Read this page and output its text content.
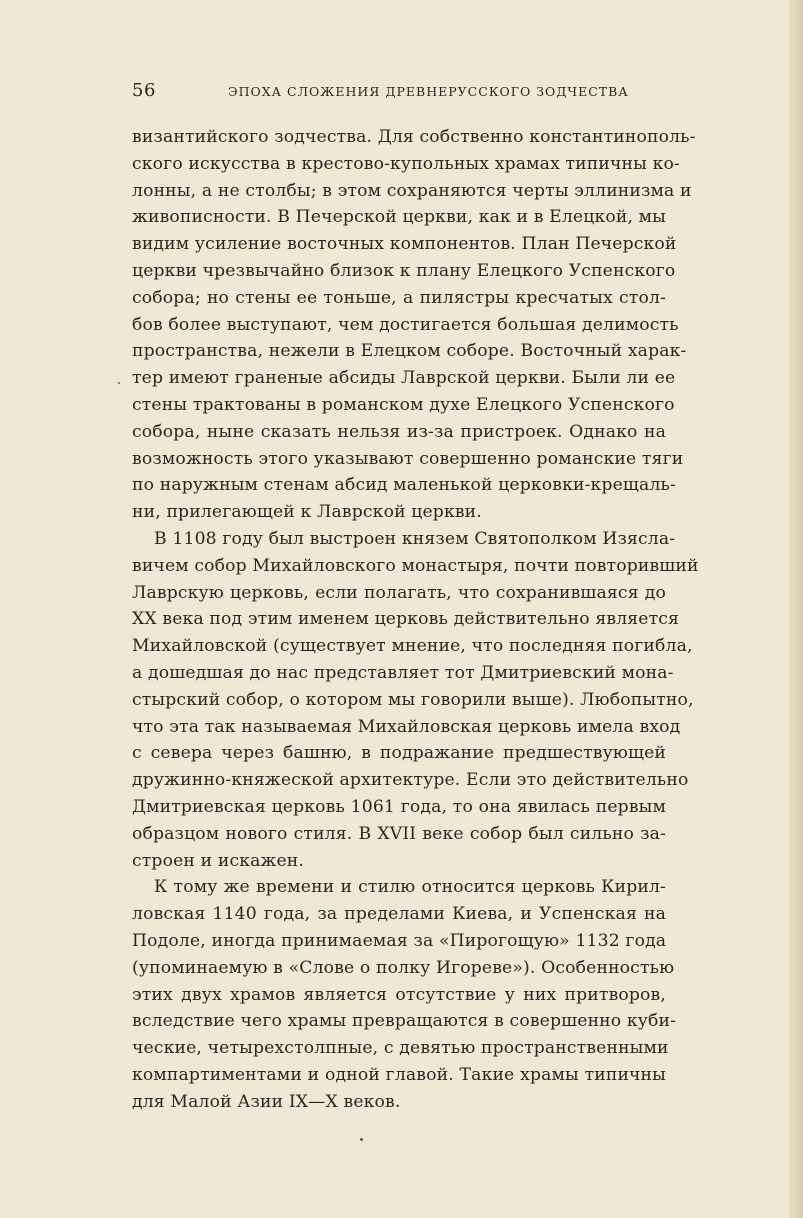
56	ЭПОХА СЛОЖЕНИЯ ДРЕВНЕРУССКОГО ЗОДЧЕСТВА
византийского зодчества. Для собственно константинополь-
ского искусства в крестово-купольных храмах типичны ко-
лонны, а не столбы; в этом сохраняются черты эллинизма и
живописности. В Печерской церкви, как и в Елецкой, мы
видим усиление восточных компонентов. План Печерской
церкви чрезвычайно близок к плану Елецкого Успенского
собора; но стены ее тоньше, а пилястры кресчатых стол-
бов более выступают, чем достигается большая делимость
пространства, нежели в Елецком соборе. Восточный харак-
тер имеют граненые абсиды Лаврской церкви. Были ли ее
стены трактованы в романском духе Елецкого Успенского
собора, ныне сказать нельзя из-за пристроек. Однако на
возможность этого указывают совершенно романские тяги
по наружным стенам абсид маленькой церковки-крещаль-
ни, прилегающей к Лаврской церкви.
В 1108 году был выстроен князем Святополком Изясла-
вичем собор Михайловского монастыря, почти повторивший
Лаврскую церковь, если полагать, что сохранившаяся до
XX века под этим именем церковь действительно является
Михайловской (существует мнение, что последняя погибла,
а дошедшая до нас представляет тот Дмитриевский мона-
стырский собор, о котором мы говорили выше). Любопытно,
что эта так называемая Михайловская церковь имела вход
с севера через башню, в подражание предшествующей
дружинно-княжеской архитектуре. Если это действительно
Дмитриевская церковь 1061 года, то она явилась первым
образцом нового стиля. В XVII веке собор был сильно за-
строен и искажен.
К тому же времени и стилю относится церковь Кирил-
ловская 1140 года, за пределами Киева, и Успенская на
Подоле, иногда принимаемая за «Пирогощую» 1132 года
(упоминаемую в «Слове о полку Игореве»). Особенностью
этих двух храмов является отсутствие у них притворов,
вследствие чего храмы превращаются в совершенно куби-
ческие, четырехстолпные, с девятью пространственными
компартиментами и одной главой. Такие храмы типичны
для Малой Азии IX—X веков.
